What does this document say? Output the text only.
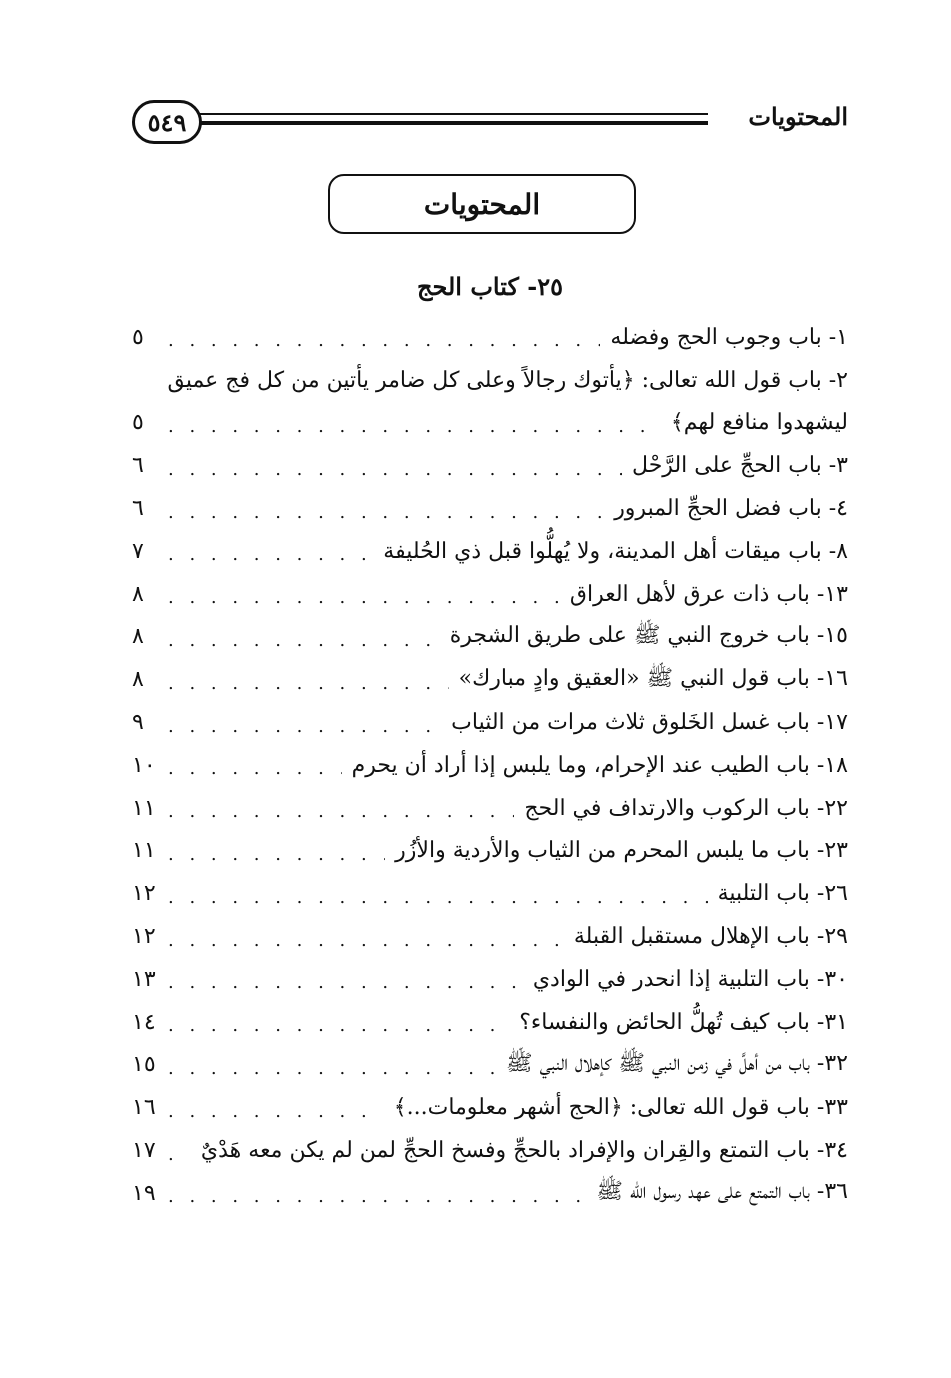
٥٤٩	المحتويات
المحتويات
٢٥- كتاب الحج
١- باب وجوب الحج وفضله
. . .
٥
٢- باب قول الله تعالى: ﴿يأتوك رجالاً وعلى كل ضامر يأتين من كل فج عميق
ليشهدوا منافع لهم﴾
. . .
٥
٣- باب الحجِّ على الرَّحْل
. . .
٦
٤- باب فضل الحجِّ المبرور
. . .
٦
٨- باب ميقات أهل المدينة، ولا يُهلُّوا قبل ذي الحُليفة
. . .
٧
١٣- باب ذات عرق لأهل العراق
. . .
٨
١٥- باب خروج النبي ﷺ على طريق الشجرة
. . .
٨
١٦- باب قول النبي ﷺ «العقيق وادٍ مبارك»
. . .
٨
١٧- باب غسل الخَلوق ثلاث مرات من الثياب
. . .
٩
١٨- باب الطيب عند الإحرام، وما يلبس إذا أراد أن يحرم
. . .
١٠
٢٢- باب الركوب والارتداف في الحج
. . .
١١
٢٣- باب ما يلبس المحرم من الثياب والأردية والأزُر
. . .
١١
٢٦- باب التلبية
. . .
١٢
٢٩- باب الإهلال مستقبل القبلة
. . .
١٢
٣٠- باب التلبية إذا انحدر في الوادي
. . .
١٣
٣١- باب كيف تُهلُّ الحائض والنفساء؟
. . .
١٤
٣٢- باب من أهلَّ في زمن النبي ﷺ كإهلال النبي ﷺ
. . .
١٥
٣٣- باب قول الله تعالى: ﴿الحج أشهر معلومات...﴾
. . .
١٦
٣٤- باب التمتع والقِران والإفراد بالحجِّ وفسخ الحجِّ لمن لم يكن معه هَدْيٌ
. . .
١٧
٣٦- باب التمتع على عهد رسول الله ﷺ
. . .
١٩
